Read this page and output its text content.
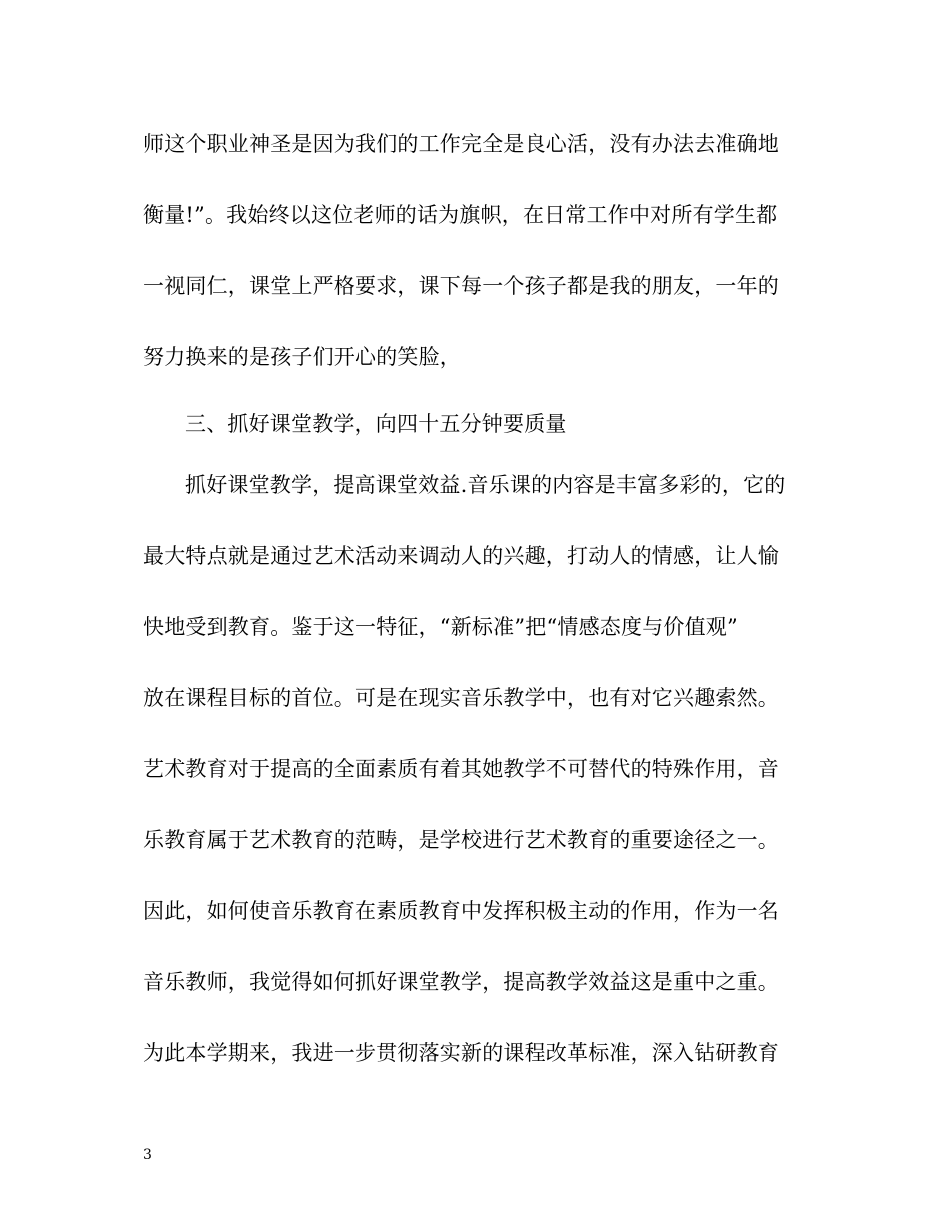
师这个职业神圣是因为我们的工作完全是良心活，没有办法去准确地
衡量!”。我始终以这位老师的话为旗帜，在日常工作中对所有学生都
一视同仁，课堂上严格要求，课下每一个孩子都是我的朋友，一年的
努力换来的是孩子们开心的笑脸，
三、抓好课堂教学，向四十五分钟要质量
抓好课堂教学，提高课堂效益.音乐课的内容是丰富多彩的，它的
最大特点就是通过艺术活动来调动人的兴趣，打动人的情感，让人愉
快地受到教育。鉴于这一特征，“新标准”把“情感态度与价值观”
放在课程目标的首位。可是在现实音乐教学中，也有对它兴趣索然。
艺术教育对于提高的全面素质有着其她教学不可替代的特殊作用，音
乐教育属于艺术教育的范畴，是学校进行艺术教育的重要途径之一。
因此，如何使音乐教育在素质教育中发挥积极主动的作用，作为一名
音乐教师，我觉得如何抓好课堂教学，提高教学效益这是重中之重。
为此本学期来，我进一步贯彻落实新的课程改革标准，深入钻研教育
3
